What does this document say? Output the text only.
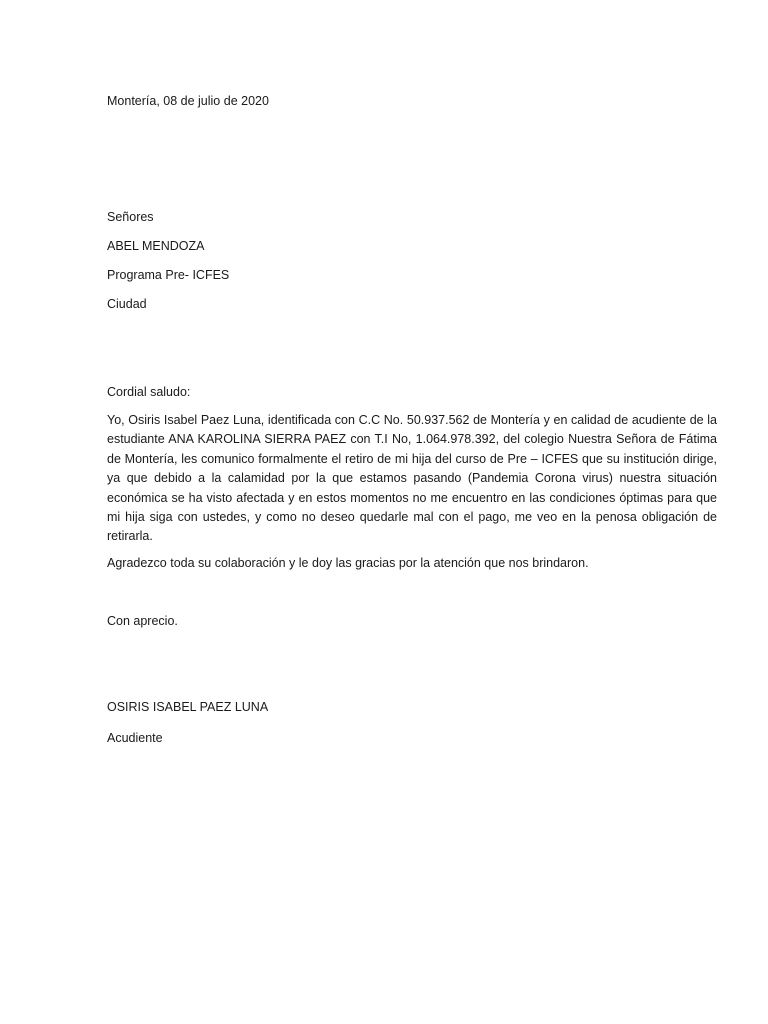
Montería, 08 de julio de 2020
Señores
ABEL MENDOZA
Programa Pre- ICFES
Ciudad
Cordial saludo:
Yo, Osiris Isabel Paez Luna, identificada con C.C No. 50.937.562 de Montería y en calidad de acudiente de la estudiante ANA KAROLINA SIERRA PAEZ con T.I No, 1.064.978.392, del colegio Nuestra Señora de Fátima de Montería, les comunico formalmente el retiro de mi hija del curso de Pre – ICFES que su institución dirige, ya que debido a la calamidad por la que estamos pasando (Pandemia Corona virus) nuestra situación económica se ha visto afectada y en estos momentos no me encuentro en las condiciones óptimas para que mi hija siga con ustedes, y como no deseo quedarle mal con el pago, me veo en la penosa obligación de retirarla.
Agradezco toda su colaboración y le doy las gracias por la atención que nos brindaron.
Con aprecio.
OSIRIS ISABEL PAEZ LUNA
Acudiente
